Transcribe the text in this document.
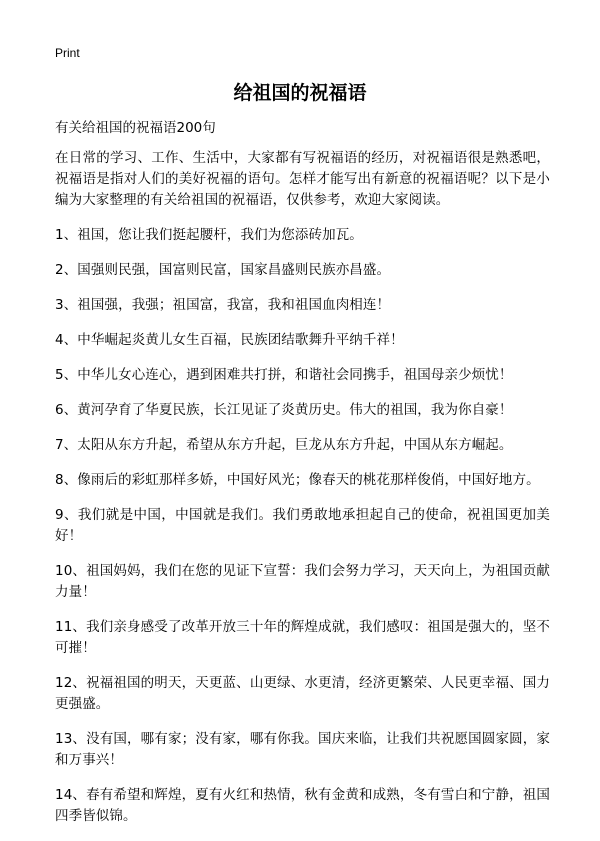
Print
给祖国的祝福语

有关给祖国的祝福语200句

在日常的学习、工作、生活中，大家都有写祝福语的经历，对祝福语很是熟悉吧，祝福语是指对人们的美好祝福的语句。怎样才能写出有新意的祝福语呢？以下是小编为大家整理的有关给祖国的祝福语，仅供参考，欢迎大家阅读。

1、祖国，您让我们挺起腰杆，我们为您添砖加瓦。

2、国强则民强，国富则民富，国家昌盛则民族亦昌盛。

3、祖国强，我强；祖国富，我富，我和祖国血肉相连！

4、中华崛起炎黄儿女生百福，民族团结歌舞升平纳千祥！

5、中华儿女心连心，遇到困难共打拼，和谐社会同携手，祖国母亲少烦忧！

6、黄河孕育了华夏民族，长江见证了炎黄历史。伟大的祖国，我为你自豪！

7、太阳从东方升起，希望从东方升起，巨龙从东方升起，中国从东方崛起。

8、像雨后的彩虹那样多娇，中国好风光；像春天的桃花那样俊俏，中国好地方。

9、我们就是中国，中国就是我们。我们勇敢地承担起自己的使命，祝祖国更加美好！

10、祖国妈妈，我们在您的见证下宣誓：我们会努力学习，天天向上，为祖国贡献力量！

11、我们亲身感受了改革开放三十年的辉煌成就，我们感叹：祖国是强大的，坚不可摧！

12、祝福祖国的明天，天更蓝、山更绿、水更清，经济更繁荣、人民更幸福、国力更强盛。

13、没有国，哪有家；没有家，哪有你我。国庆来临，让我们共祝愿国圆家圆，家和万事兴！

14、春有希望和辉煌，夏有火红和热情，秋有金黄和成熟，冬有雪白和宁静，祖国四季皆似锦。
